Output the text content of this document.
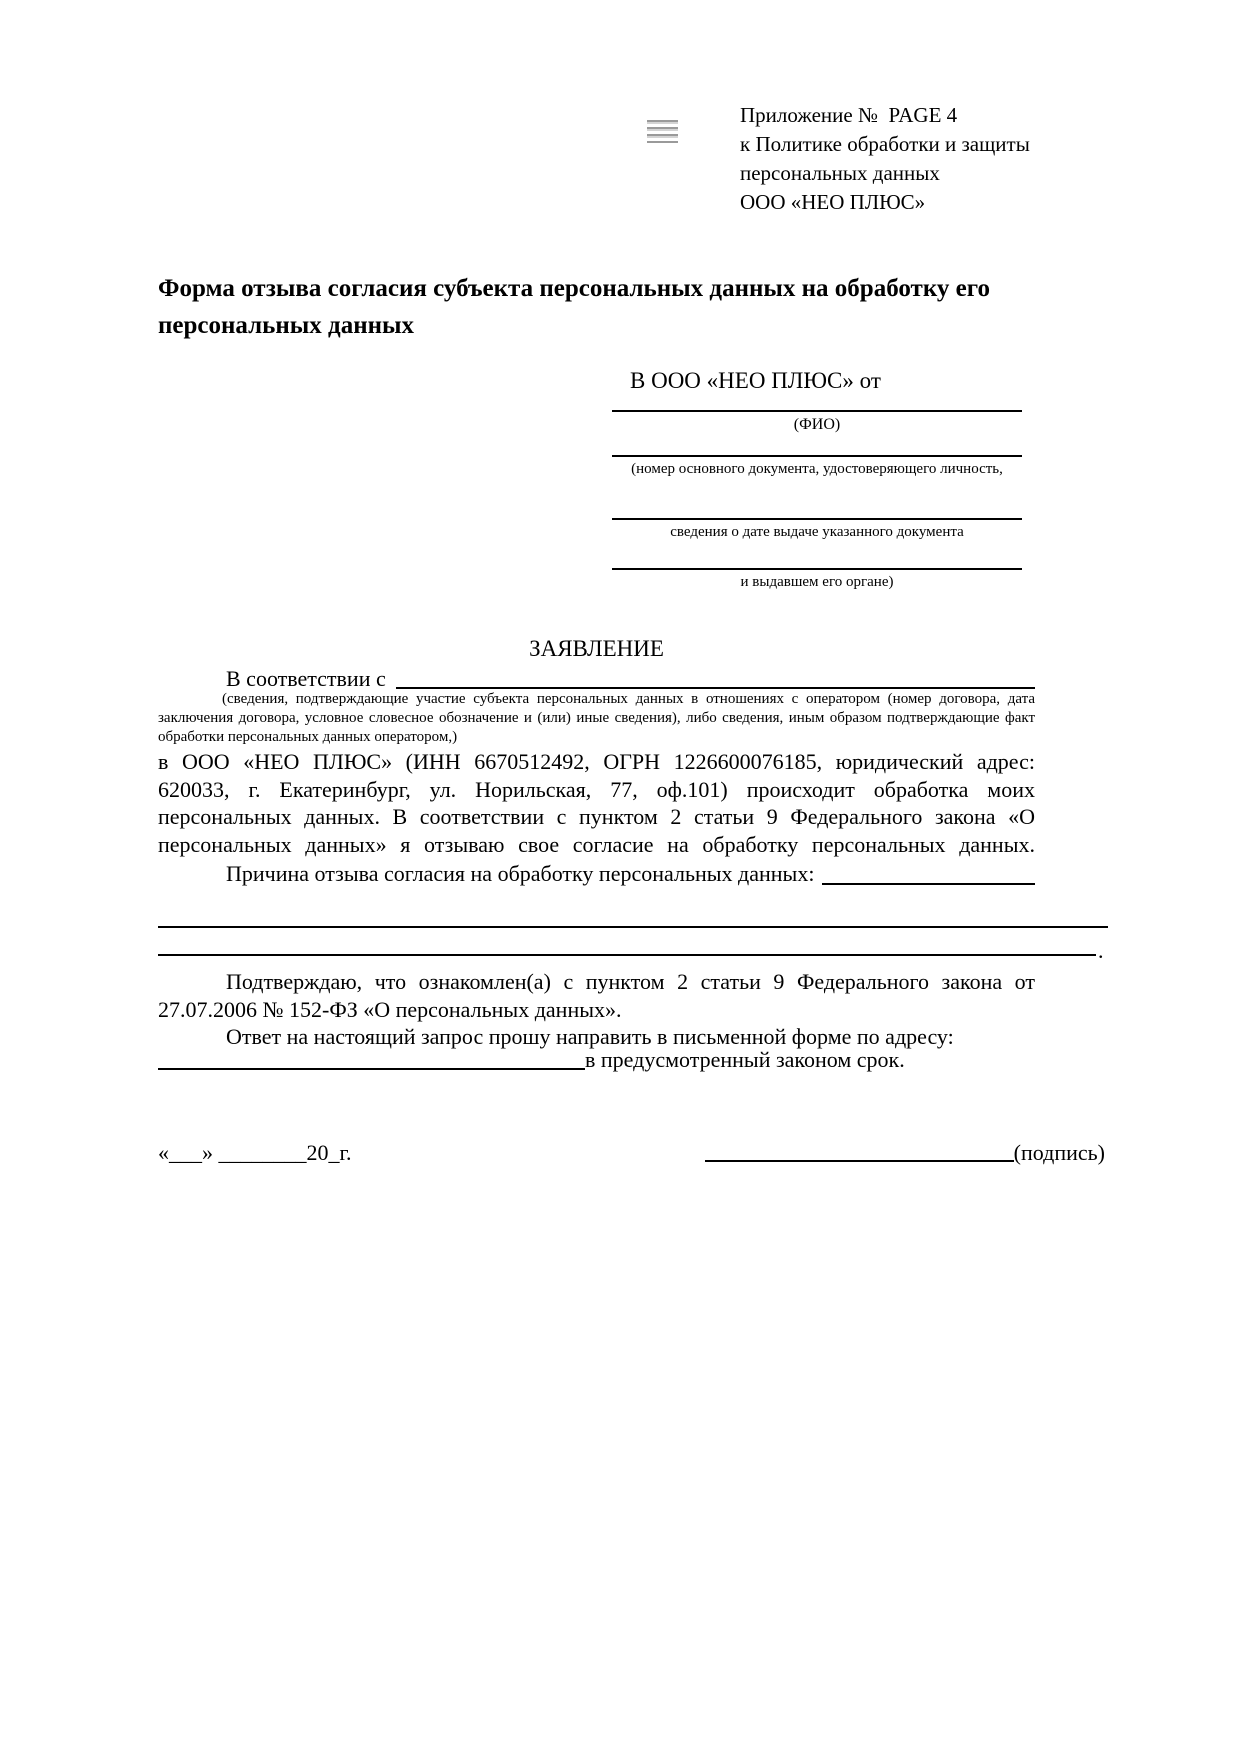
Приложение №  PAGE 4
к Политике обработки и защиты
персональных данных
ООО «НЕО ПЛЮС»
Форма отзыва согласия субъекта персональных данных на обработку его
персональных данных
В ООО «НЕО ПЛЮС» от
(ФИО)
(номер основного документа, удостоверяющего личность,
сведения о дате выдаче указанного документа
и выдавшем его органе)
ЗАЯВЛЕНИЕ
В соответствии с
(сведения, подтверждающие участие субъекта персональных данных в отношениях с оператором (номер договора, дата
заключения договора, условное словесное обозначение и (или) иные сведения), либо сведения, иным образом подтверждающие факт
обработки персональных данных оператором,)
в ООО «НЕО ПЛЮС» (ИНН 6670512492, ОГРН 1226600076185, юридический адрес:
620033, г. Екатеринбург, ул. Норильская, 77, оф.101) происходит обработка моих
персональных данных. В соответствии с пунктом 2 статьи 9 Федерального закона «О
персональных данных» я отзываю свое согласие на обработку персональных данных.
Причина отзыва согласия на обработку персональных данных:
.
Подтверждаю, что ознакомлен(а) с пунктом 2 статьи 9 Федерального закона от
27.07.2006 № 152-ФЗ «О персональных данных».
Ответ на настоящий запрос прошу направить в письменной форме по адресу:
в предусмотренный законом срок.
«___» ________20_г.	(подпись)
